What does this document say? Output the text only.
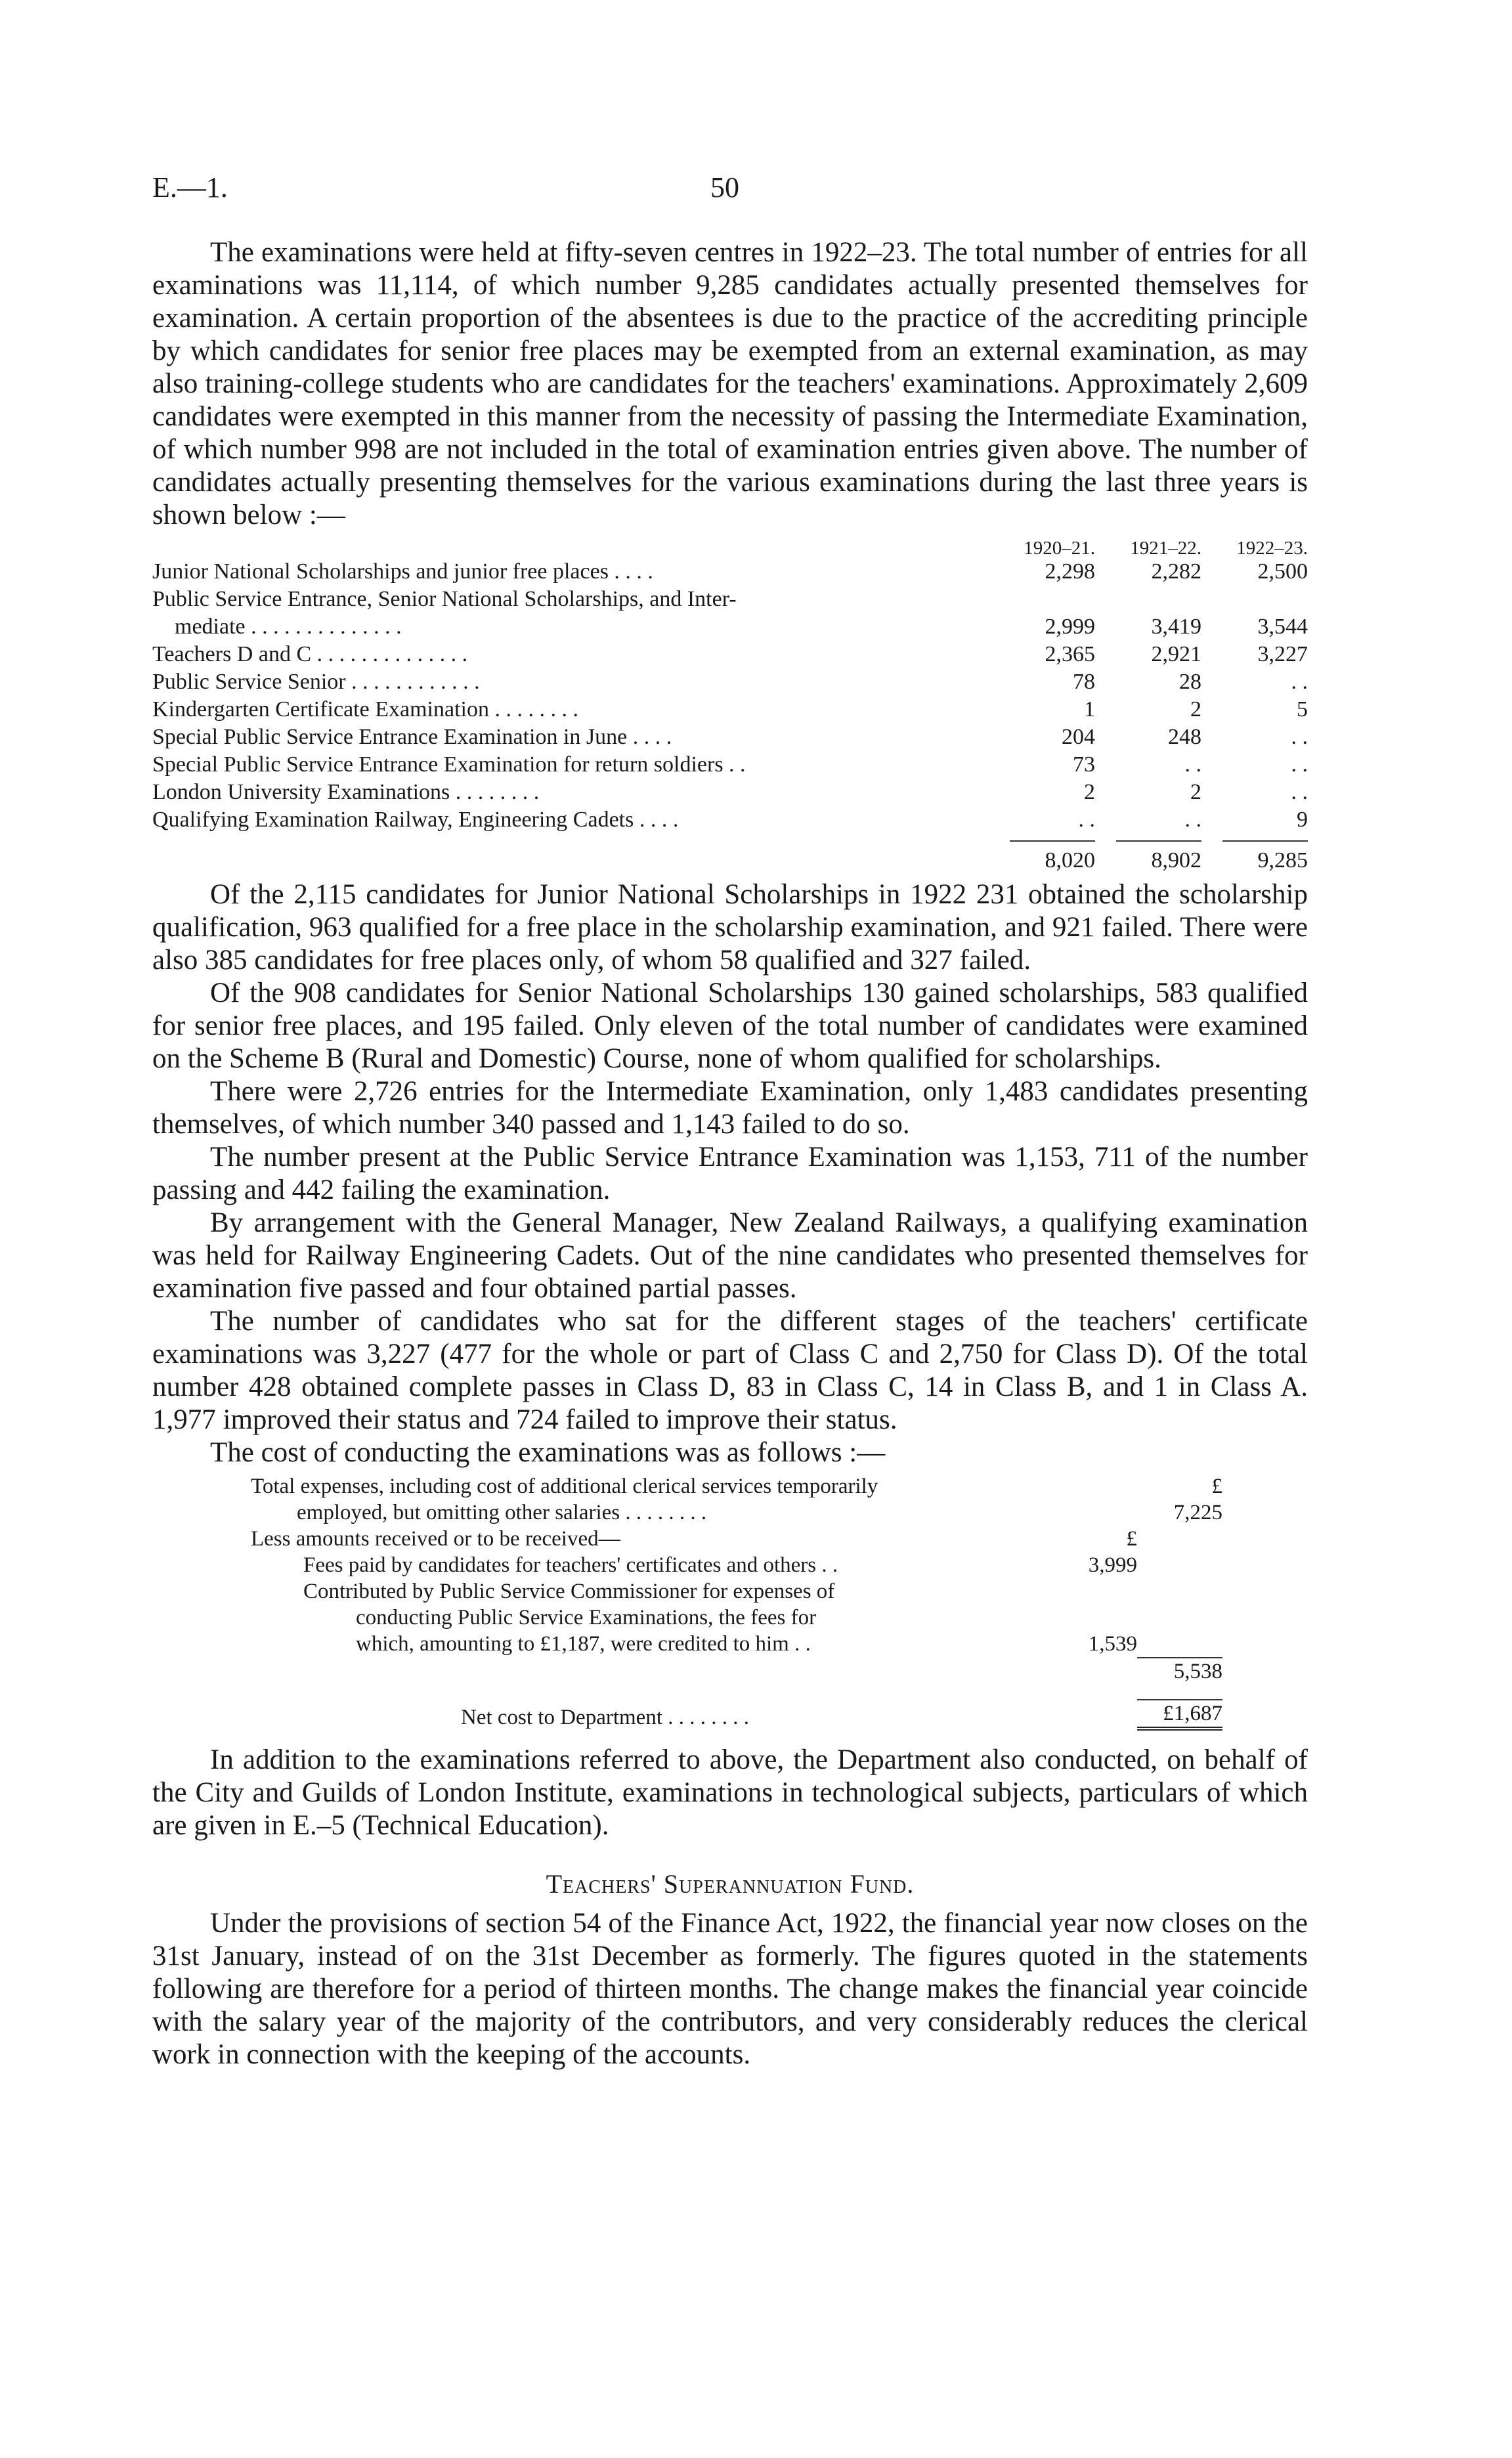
E.—1.	50

The examinations were held at fifty-seven centres in 1922–23. The total number of entries for all examinations was 11,114, of which number 9,285 candidates actually presented themselves for examination. A certain proportion of the absentees is due to the practice of the accrediting principle by which candidates for senior free places may be exempted from an external examination, as may also training-college students who are candidates for the teachers' examinations. Approximately 2,609 candidates were exempted in this manner from the necessity of passing the Intermediate Examination, of which number 998 are not included in the total of examination entries given above. The number of candidates actually presenting themselves for the various examinations during the last three years is shown below :—

1920–21.	1921–22.	1922–23.
Junior National Scholarships and junior free places . . . .	2,298	2,282	2,500
Public Service Entrance, Senior National Scholarships, and Inter-
mediate . . . . . . . . . . . . . .	2,999	3,419	3,544
Teachers D and C . . . . . . . . . . . . . .	2,365	2,921	3,227
Public Service Senior . . . . . . . . . . . .	78	28	. .
Kindergarten Certificate Examination . . . . . . . .	1	2	5
Special Public Service Entrance Examination in June . . . .	204	248	. .
Special Public Service Entrance Examination for return soldiers . .	73	. .	. .
London University Examinations . . . . . . . .	2	2	. .
Qualifying Examination Railway, Engineering Cadets . . . .	. .	. .	9
8,020	8,902	9,285

Of the 2,115 candidates for Junior National Scholarships in 1922 231 obtained the scholarship qualification, 963 qualified for a free place in the scholarship examination, and 921 failed. There were also 385 candidates for free places only, of whom 58 qualified and 327 failed.

Of the 908 candidates for Senior National Scholarships 130 gained scholarships, 583 qualified for senior free places, and 195 failed. Only eleven of the total number of candidates were examined on the Scheme B (Rural and Domestic) Course, none of whom qualified for scholarships.

There were 2,726 entries for the Intermediate Examination, only 1,483 candidates presenting themselves, of which number 340 passed and 1,143 failed to do so.

The number present at the Public Service Entrance Examination was 1,153, 711 of the number passing and 442 failing the examination.

By arrangement with the General Manager, New Zealand Railways, a qualifying examination was held for Railway Engineering Cadets. Out of the nine candidates who presented themselves for examination five passed and four obtained partial passes.

The number of candidates who sat for the different stages of the teachers' certificate examinations was 3,227 (477 for the whole or part of Class C and 2,750 for Class D). Of the total number 428 obtained complete passes in Class D, 83 in Class C, 14 in Class B, and 1 in Class A. 1,977 improved their status and 724 failed to improve their status.

The cost of conducting the examinations was as follows :—

Total expenses, including cost of additional clerical services temporarily	£
employed, but omitting other salaries . . . . . . . .	7,225
Less amounts received or to be received—	£
Fees paid by candidates for teachers' certificates and others . .	3,999
Contributed by Public Service Commissioner for expenses of
conducting Public Service Examinations, the fees for
which, amounting to £1,187, were credited to him . .	1,539
5,538
Net cost to Department . . . . . . . .	£1,687

In addition to the examinations referred to above, the Department also conducted, on behalf of the City and Guilds of London Institute, examinations in technological subjects, particulars of which are given in E.–5 (Technical Education).

Teachers' Superannuation Fund.

Under the provisions of section 54 of the Finance Act, 1922, the financial year now closes on the 31st January, instead of on the 31st December as formerly. The figures quoted in the statements following are therefore for a period of thirteen months. The change makes the financial year coincide with the salary year of the majority of the contributors, and very considerably reduces the clerical work in connection with the keeping of the accounts.
